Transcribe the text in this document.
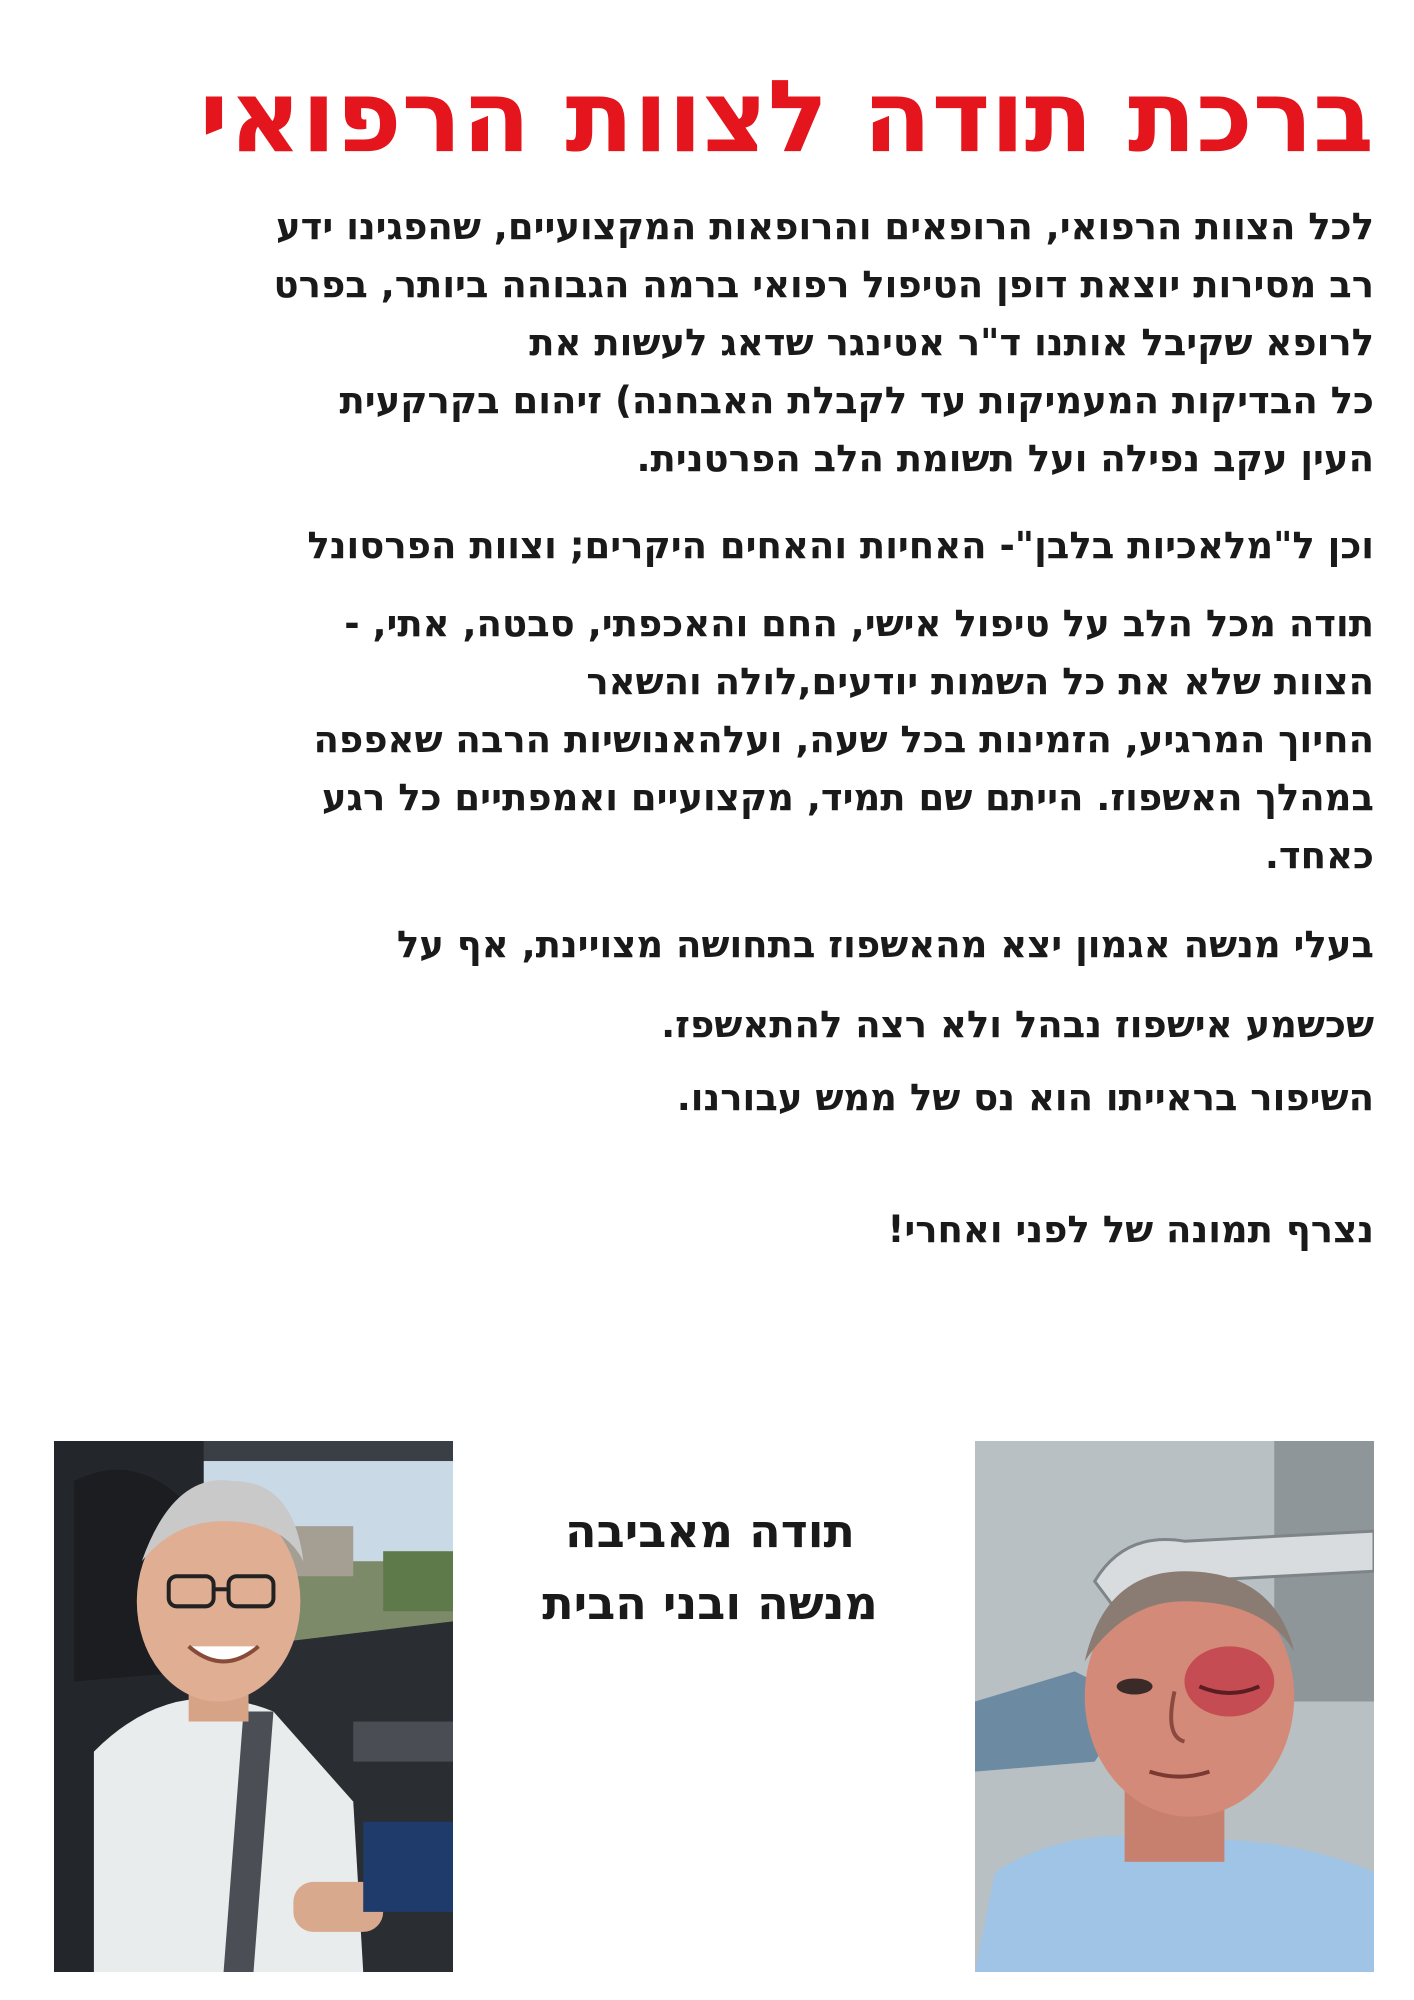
ברכת תודה לצוות הרפואי
לכל הצוות הרפואי, הרופאים והרופאות המקצועיים, שהפגינו ידע
רב מסירות יוצאת דופן הטיפול רפואי ברמה הגבוהה ביותר, בפרט
לרופא שקיבל אותנו ד"ר אטינגר שדאג לעשות את
כל הבדיקות המעמיקות עד לקבלת האבחנה) זיהום בקרקעית
העין עקב נפילה ועל תשומת הלב הפרטנית.
וכן ל"מלאכיות בלבן"- האחיות והאחים היקרים; וצוות הפרסונל
תודה מכל הלב על טיפול אישי, החם והאכפתי, סבטה, אתי, -
הצוות שלא את כל השמות יודעים,לולה והשאר
החיוך המרגיע, הזמינות בכל שעה, ועלהאנושיות הרבה שאפפה
במהלך האשפוז. הייתם שם תמיד, מקצועיים ואמפתיים כל רגע
כאחד.
בעלי מנשה אגמון יצא מהאשפוז בתחושה מצויינת, אף על
שכשמע אישפוז נבהל ולא רצה להתאשפז.
השיפור בראייתו הוא נס של ממש עבורנו.
נצרף תמונה של לפני ואחרי!
תודה מאביבה
מנשה ובני הבית
